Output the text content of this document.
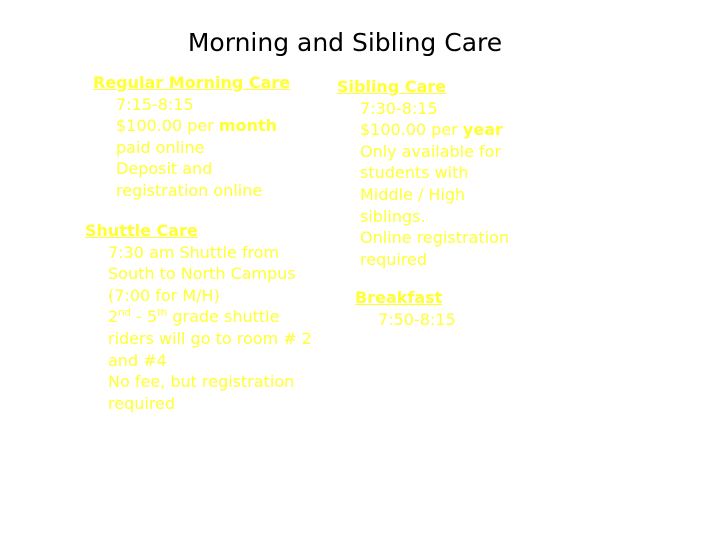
Morning and Sibling Care
Regular Morning Care
7:15-8:15
$100.00 per month
paid online
Deposit and
registration online
Shuttle Care
7:30 am Shuttle from
South to North Campus
(7:00 for M/H)
2nd - 5th grade shuttle
riders will go to room # 2
and #4
No fee, but registration
required
Sibling Care
7:30-8:15
$100.00 per year
Only available for
students with
Middle / High
siblings.
Online registration
required
Breakfast
7:50-8:15
